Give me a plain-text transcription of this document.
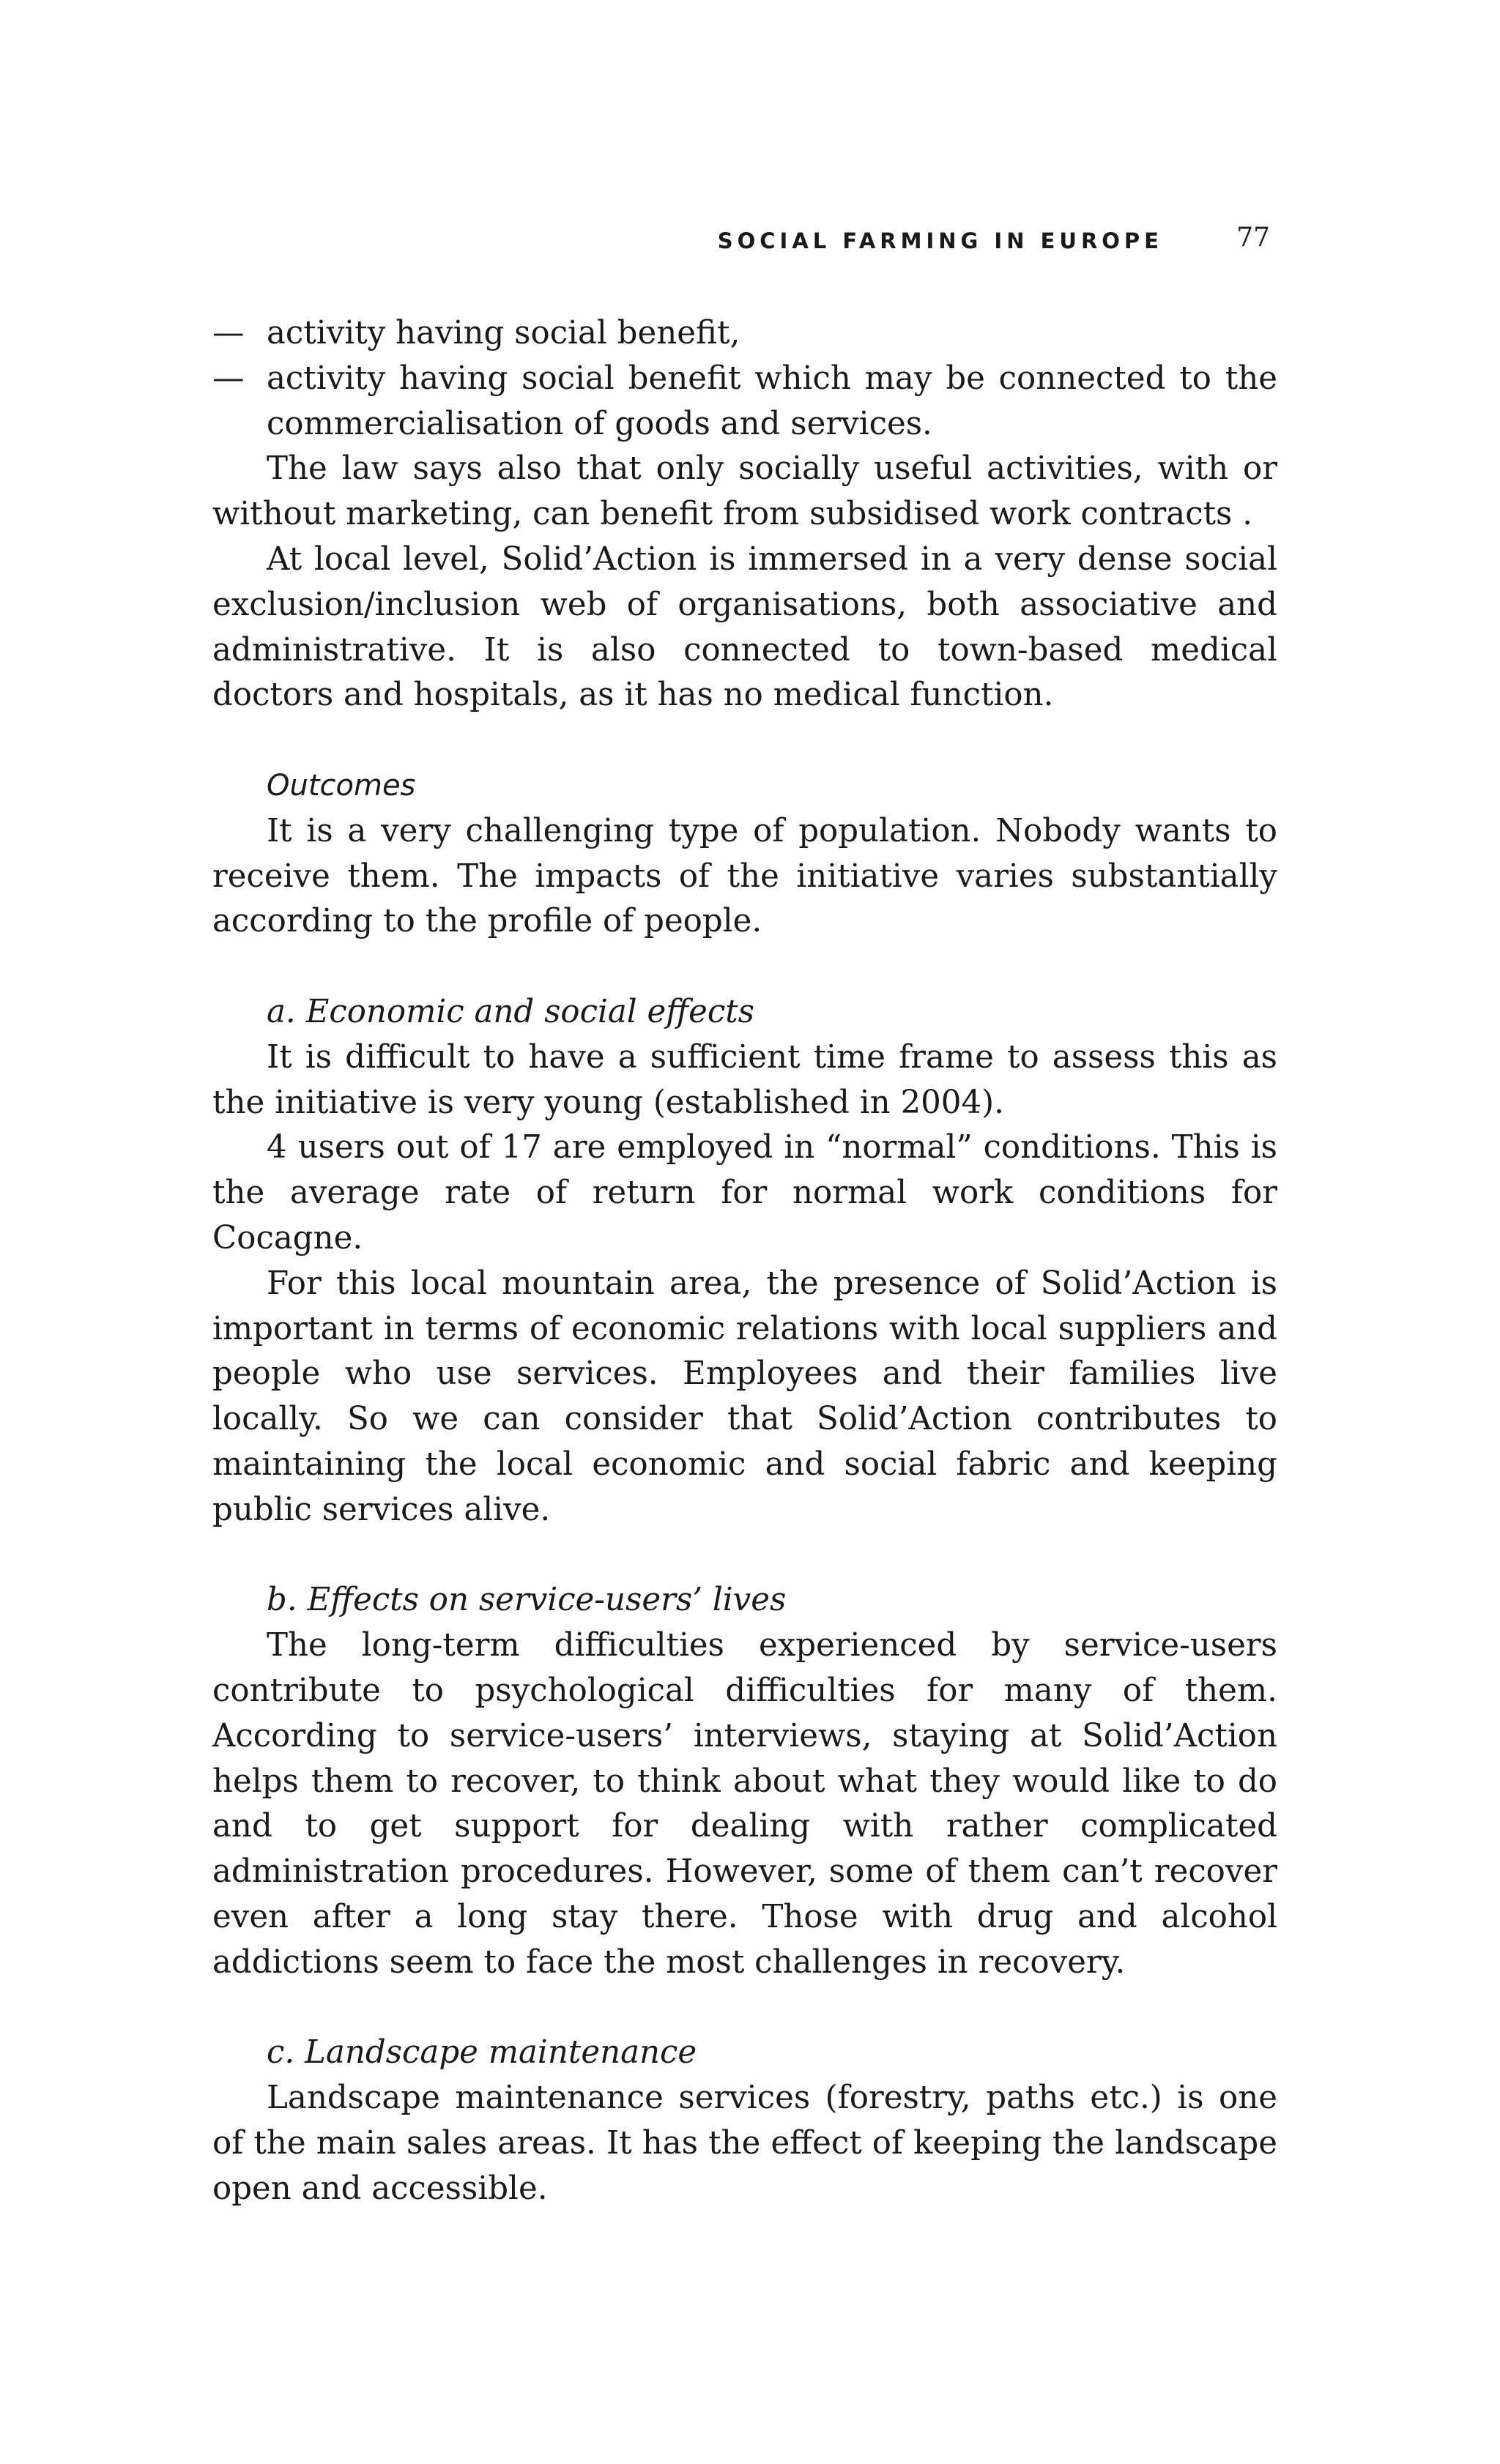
SOCIAL FARMING IN EUROPE	77

— activity having social benefit,

— activity having social benefit which may be connected to the commercialisation of goods and services.

The law says also that only socially useful activities, with or without marketing, can benefit from subsidised work contracts .

At local level, Solid’Action is immersed in a very dense social exclusion/inclusion web of organisations, both associative and administrative. It is also connected to town-based medical doctors and hospitals, as it has no medical function.

Outcomes

It is a very challenging type of population. Nobody wants to receive them. The impacts of the initiative varies substantially according to the profile of people.

a. Economic and social effects

It is difficult to have a sufficient time frame to assess this as the initiative is very young (established in 2004).

4 users out of 17 are employed in “normal” conditions. This is the average rate of return for normal work conditions for Cocagne.

For this local mountain area, the presence of Solid’Action is important in terms of economic relations with local suppliers and people who use services. Employees and their families live locally. So we can consider that Solid’Action contributes to maintaining the local economic and social fabric and keeping public services alive.

b. Effects on service-users’ lives

The long-term difficulties experienced by service-users contribute to psychological difficulties for many of them. According to service-users’ interviews, staying at Solid’Action helps them to recover, to think about what they would like to do and to get support for dealing with rather complicated administration procedures. However, some of them can’t recover even after a long stay there. Those with drug and alcohol addictions seem to face the most challenges in recovery.

c. Landscape maintenance

Landscape maintenance services (forestry, paths etc.) is one of the main sales areas. It has the effect of keeping the landscape open and accessible.
